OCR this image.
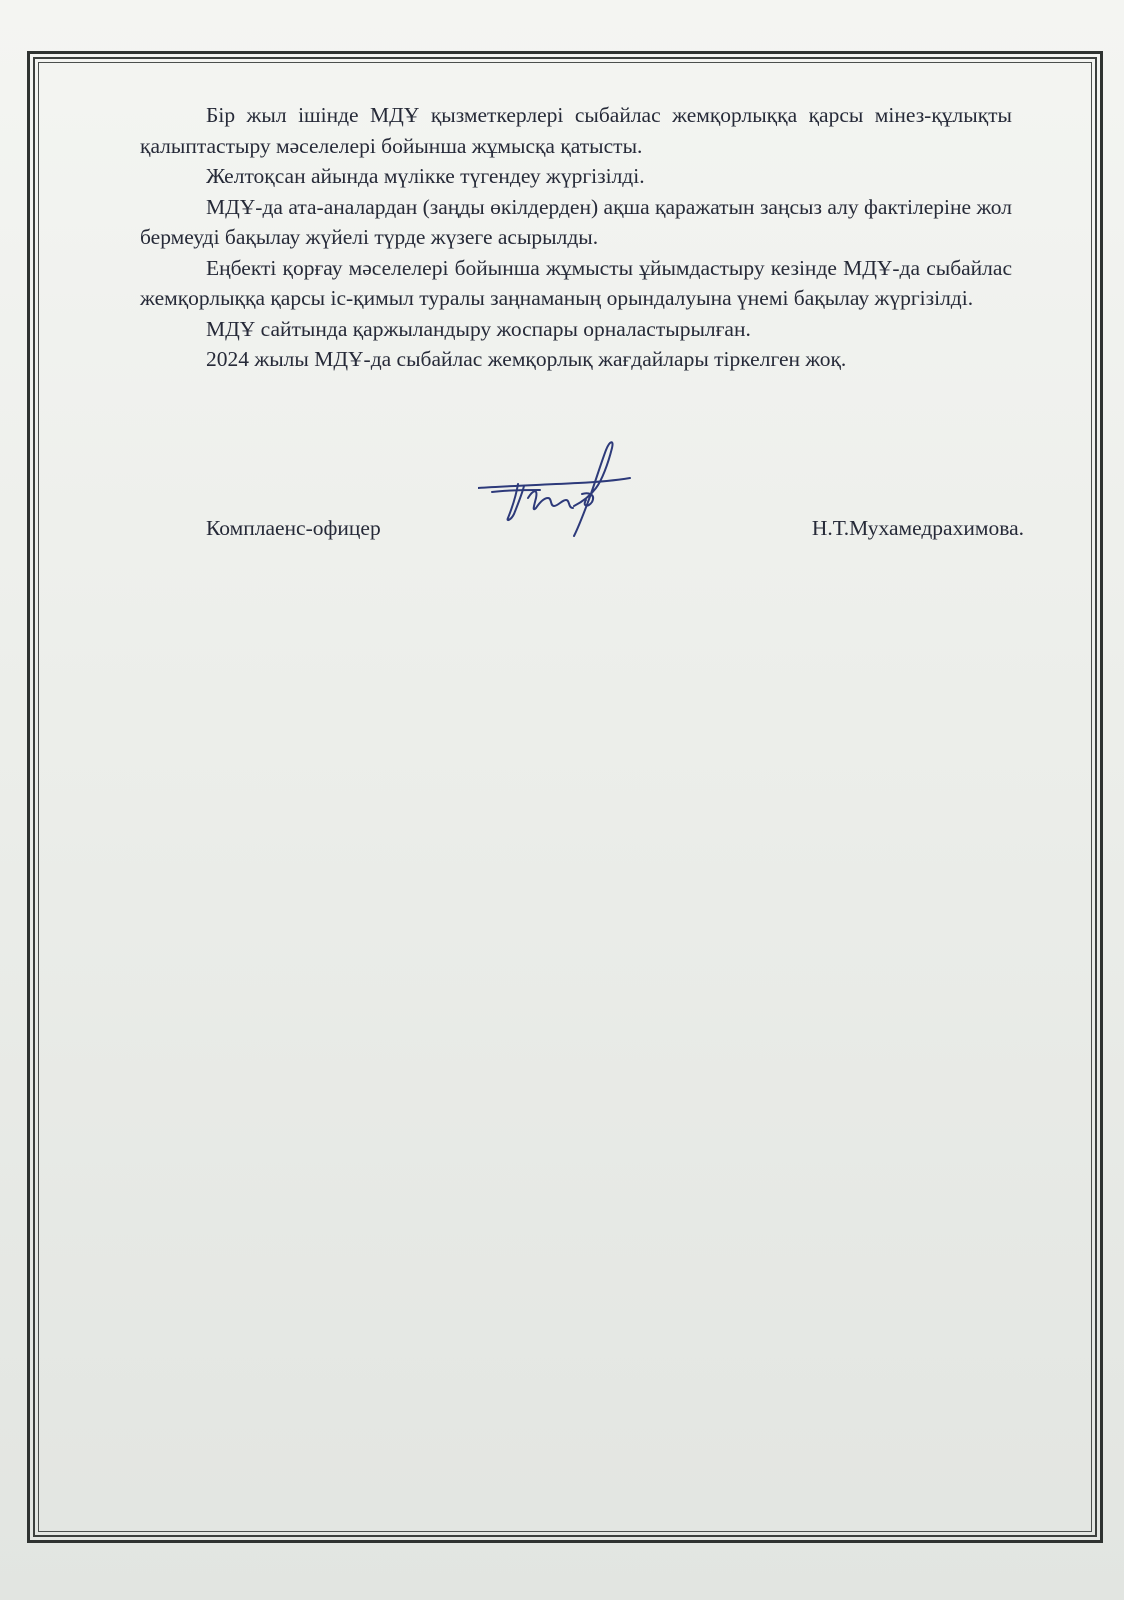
Бір жыл ішінде МДҰ қызметкерлері сыбайлас жемқорлыққа қарсы мінез-құлықты қалыптастыру мәселелері бойынша жұмысқа қатысты.

Желтоқсан айында мүлікке түгендеу жүргізілді.

МДҰ-да ата-аналардан (заңды өкілдерден) ақша қаражатын заңсыз алу фактілеріне жол бермеуді бақылау жүйелі түрде жүзеге асырылды.

Еңбекті қорғау мәселелері бойынша жұмысты ұйымдастыру кезінде МДҰ-да сыбайлас жемқорлыққа қарсы іс-қимыл туралы заңнаманың орындалуына үнемі бақылау жүргізілді.

МДҰ сайтында қаржыландыру жоспары орналастырылған.

2024 жылы МДҰ-да сыбайлас жемқорлық жағдайлары тіркелген жоқ.

Комплаенс-офицер	Н.Т.Мухамедрахимова.
